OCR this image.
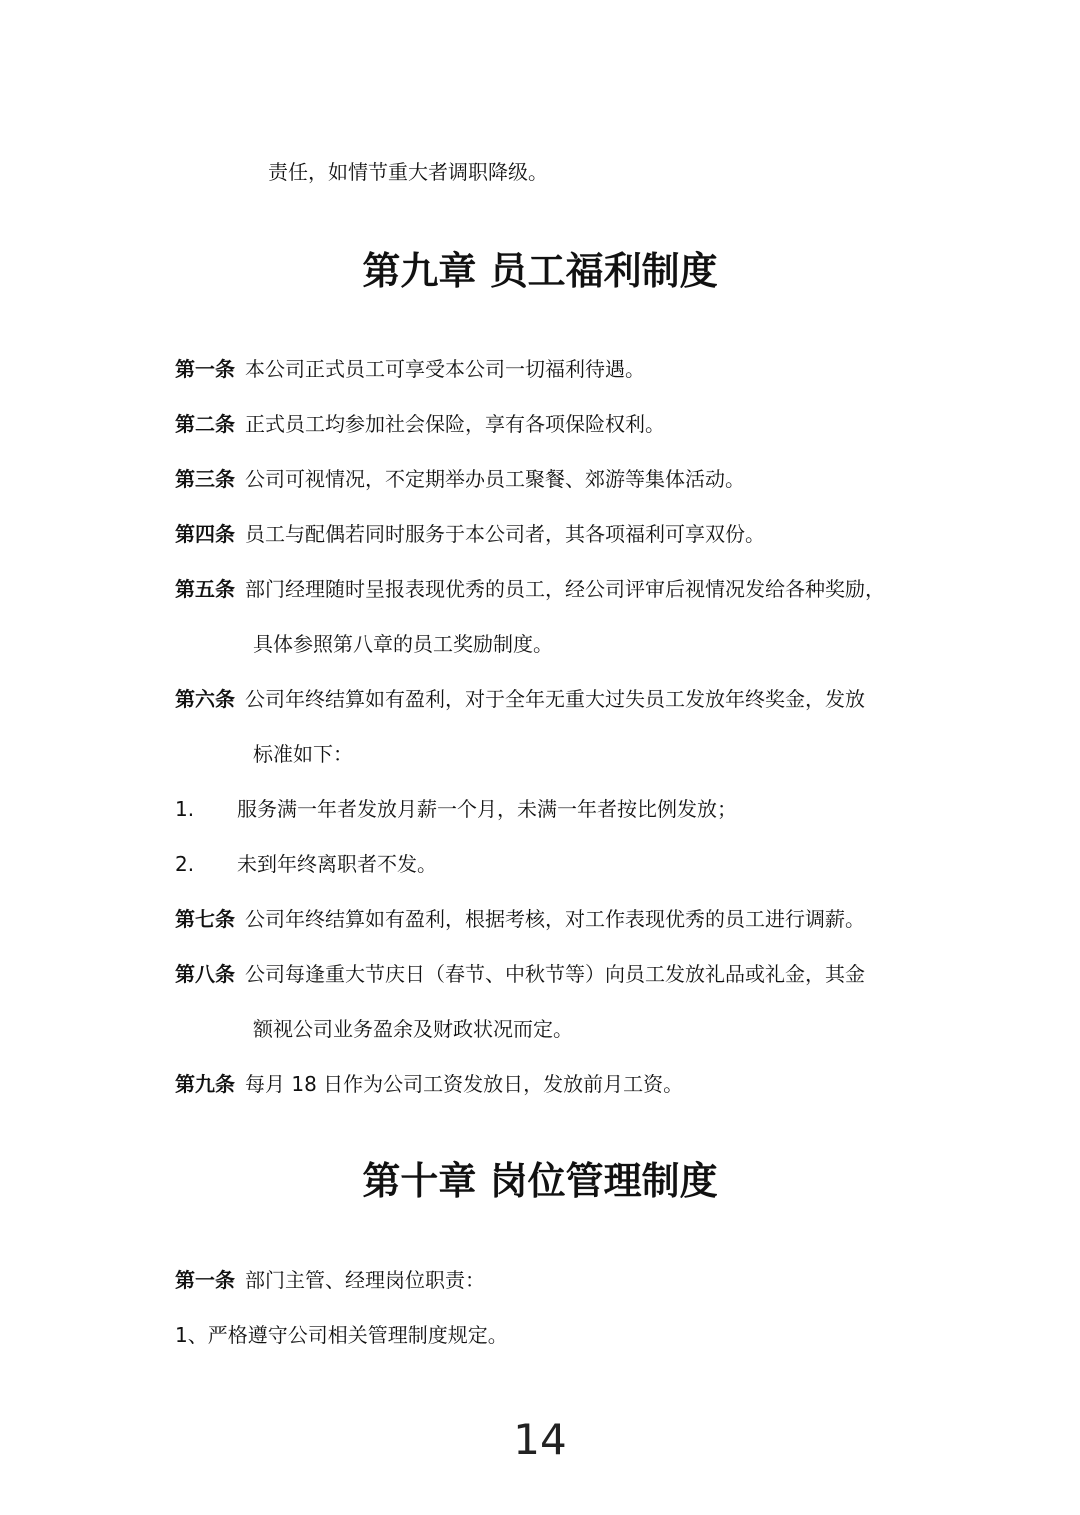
责任，如情节重大者调职降级。
第九章 员工福利制度
第一条 本公司正式员工可享受本公司一切福利待遇。
第二条 正式员工均参加社会保险，享有各项保险权利。
第三条 公司可视情况，不定期举办员工聚餐、郊游等集体活动。
第四条 员工与配偶若同时服务于本公司者，其各项福利可享双份。
第五条 部门经理随时呈报表现优秀的员工，经公司评审后视情况发给各种奖励，
具体参照第八章的员工奖励制度。
第六条 公司年终结算如有盈利，对于全年无重大过失员工发放年终奖金，发放
标准如下：
1. 服务满一年者发放月薪一个月，未满一年者按比例发放；
2. 未到年终离职者不发。
第七条 公司年终结算如有盈利，根据考核，对工作表现优秀的员工进行调薪。
第八条 公司每逢重大节庆日（春节、中秋节等）向员工发放礼品或礼金，其金
额视公司业务盈余及财政状况而定。
第九条 每月 18 日作为公司工资发放日，发放前月工资。
第十章 岗位管理制度
第一条 部门主管、经理岗位职责：
1、严格遵守公司相关管理制度规定。
14
